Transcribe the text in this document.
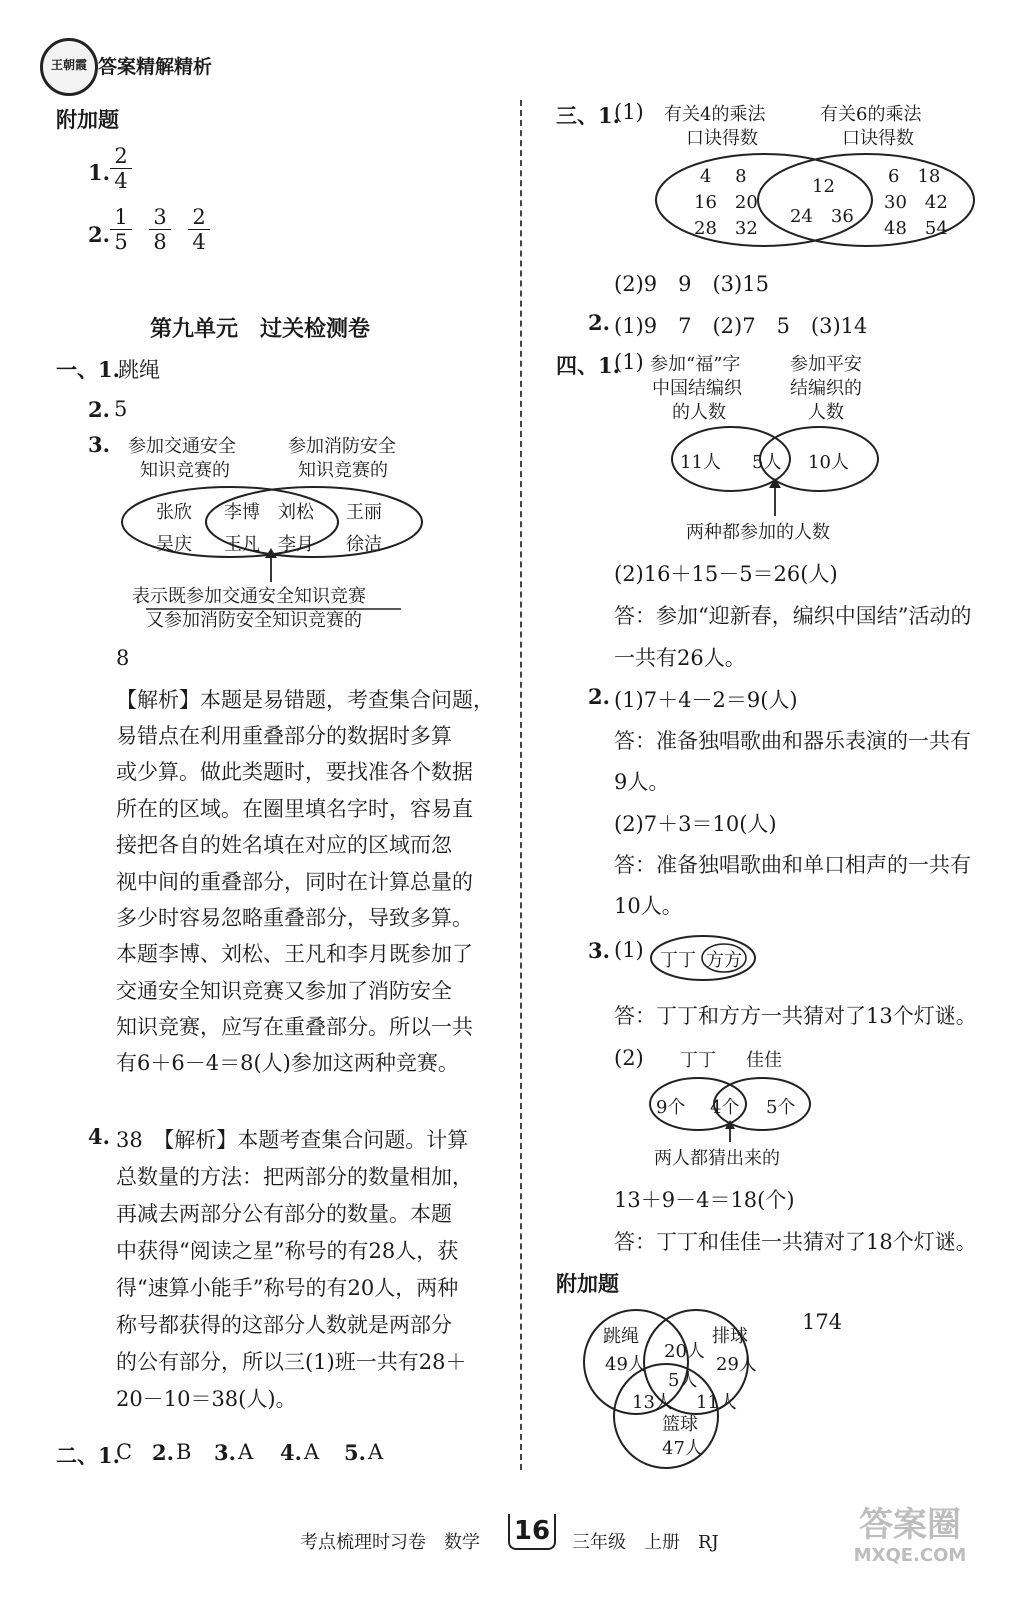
王朝霞 答案精解精析
附加题
1.
2
4
2.
1
5
3
8
2
4
第九单元　过关检测卷
一、1.
跳绳
2. 5
3. 参加交通安全
知识竞赛的
参加消防安全
知识竞赛的
张欣
吴庆
李博　刘松
王凡　李月
王丽
徐洁
表示既参加交通安全知识竞赛
又参加消防安全知识竞赛的
8
【解析】本题是易错题，考查集合问题，
易错点在利用重叠部分的数据时多算
或少算。做此类题时，要找准各个数据
所在的区域。在圈里填名字时，容易直
接把各自的姓名填在对应的区域而忽
视中间的重叠部分，同时在计算总量的
多少时容易忽略重叠部分，导致多算。
本题李博、刘松、王凡和李月既参加了
交通安全知识竞赛又参加了消防安全
知识竞赛，应写在重叠部分。所以一共
有6＋6－4＝8(人)参加这两种竞赛。
4. 38　【解析】本题考查集合问题。计算
总数量的方法：把两部分的数量相加，
再减去两部分公有部分的数量。本题
中获得“阅读之星”称号的有28人，获
得“速算小能手”称号的有20人，两种
称号都获得的这部分人数就是两部分
的公有部分，所以三(1)班一共有28＋
20－10＝38(人)。
二、1.
C 2. B 3. A 4. A 5. A
三、1.
(1) 有关4的乘法
口诀得数
有关6的乘法
口诀得数
4　 8
16　20
28　32
12
24　36
6　18
30　42
48　54
(2)9　9　(3)15
2. (1)9　7　(2)7　5　(3)14
四、1.
(1) 参加“福”字
中国结编织
的人数
参加平安
结编织的
人数
11人 5人 10人
两种都参加的人数
(2)16＋15－5＝26(人)
答：参加“迎新春，编织中国结”活动的
一共有26人。
2. (1)7＋4－2＝9(人)
答：准备独唱歌曲和器乐表演的一共有
9人。
(2)7＋3＝10(人)
答：准备独唱歌曲和单口相声的一共有
10人。
3. (1) 丁丁 方方
答：丁丁和方方一共猜对了13个灯谜。
(2) 丁丁 佳佳
9个 4个 5个
两人都猜出来的
13＋9－4＝18(个)
答：丁丁和佳佳一共猜对了18个灯谜。
附加题
跳绳
49人
排球
29人
20人
5人
13人 11人
篮球
47人
174
考点梳理时习卷　数学 16	三年级　上册　RJ	答案圈
MXQE.COM
